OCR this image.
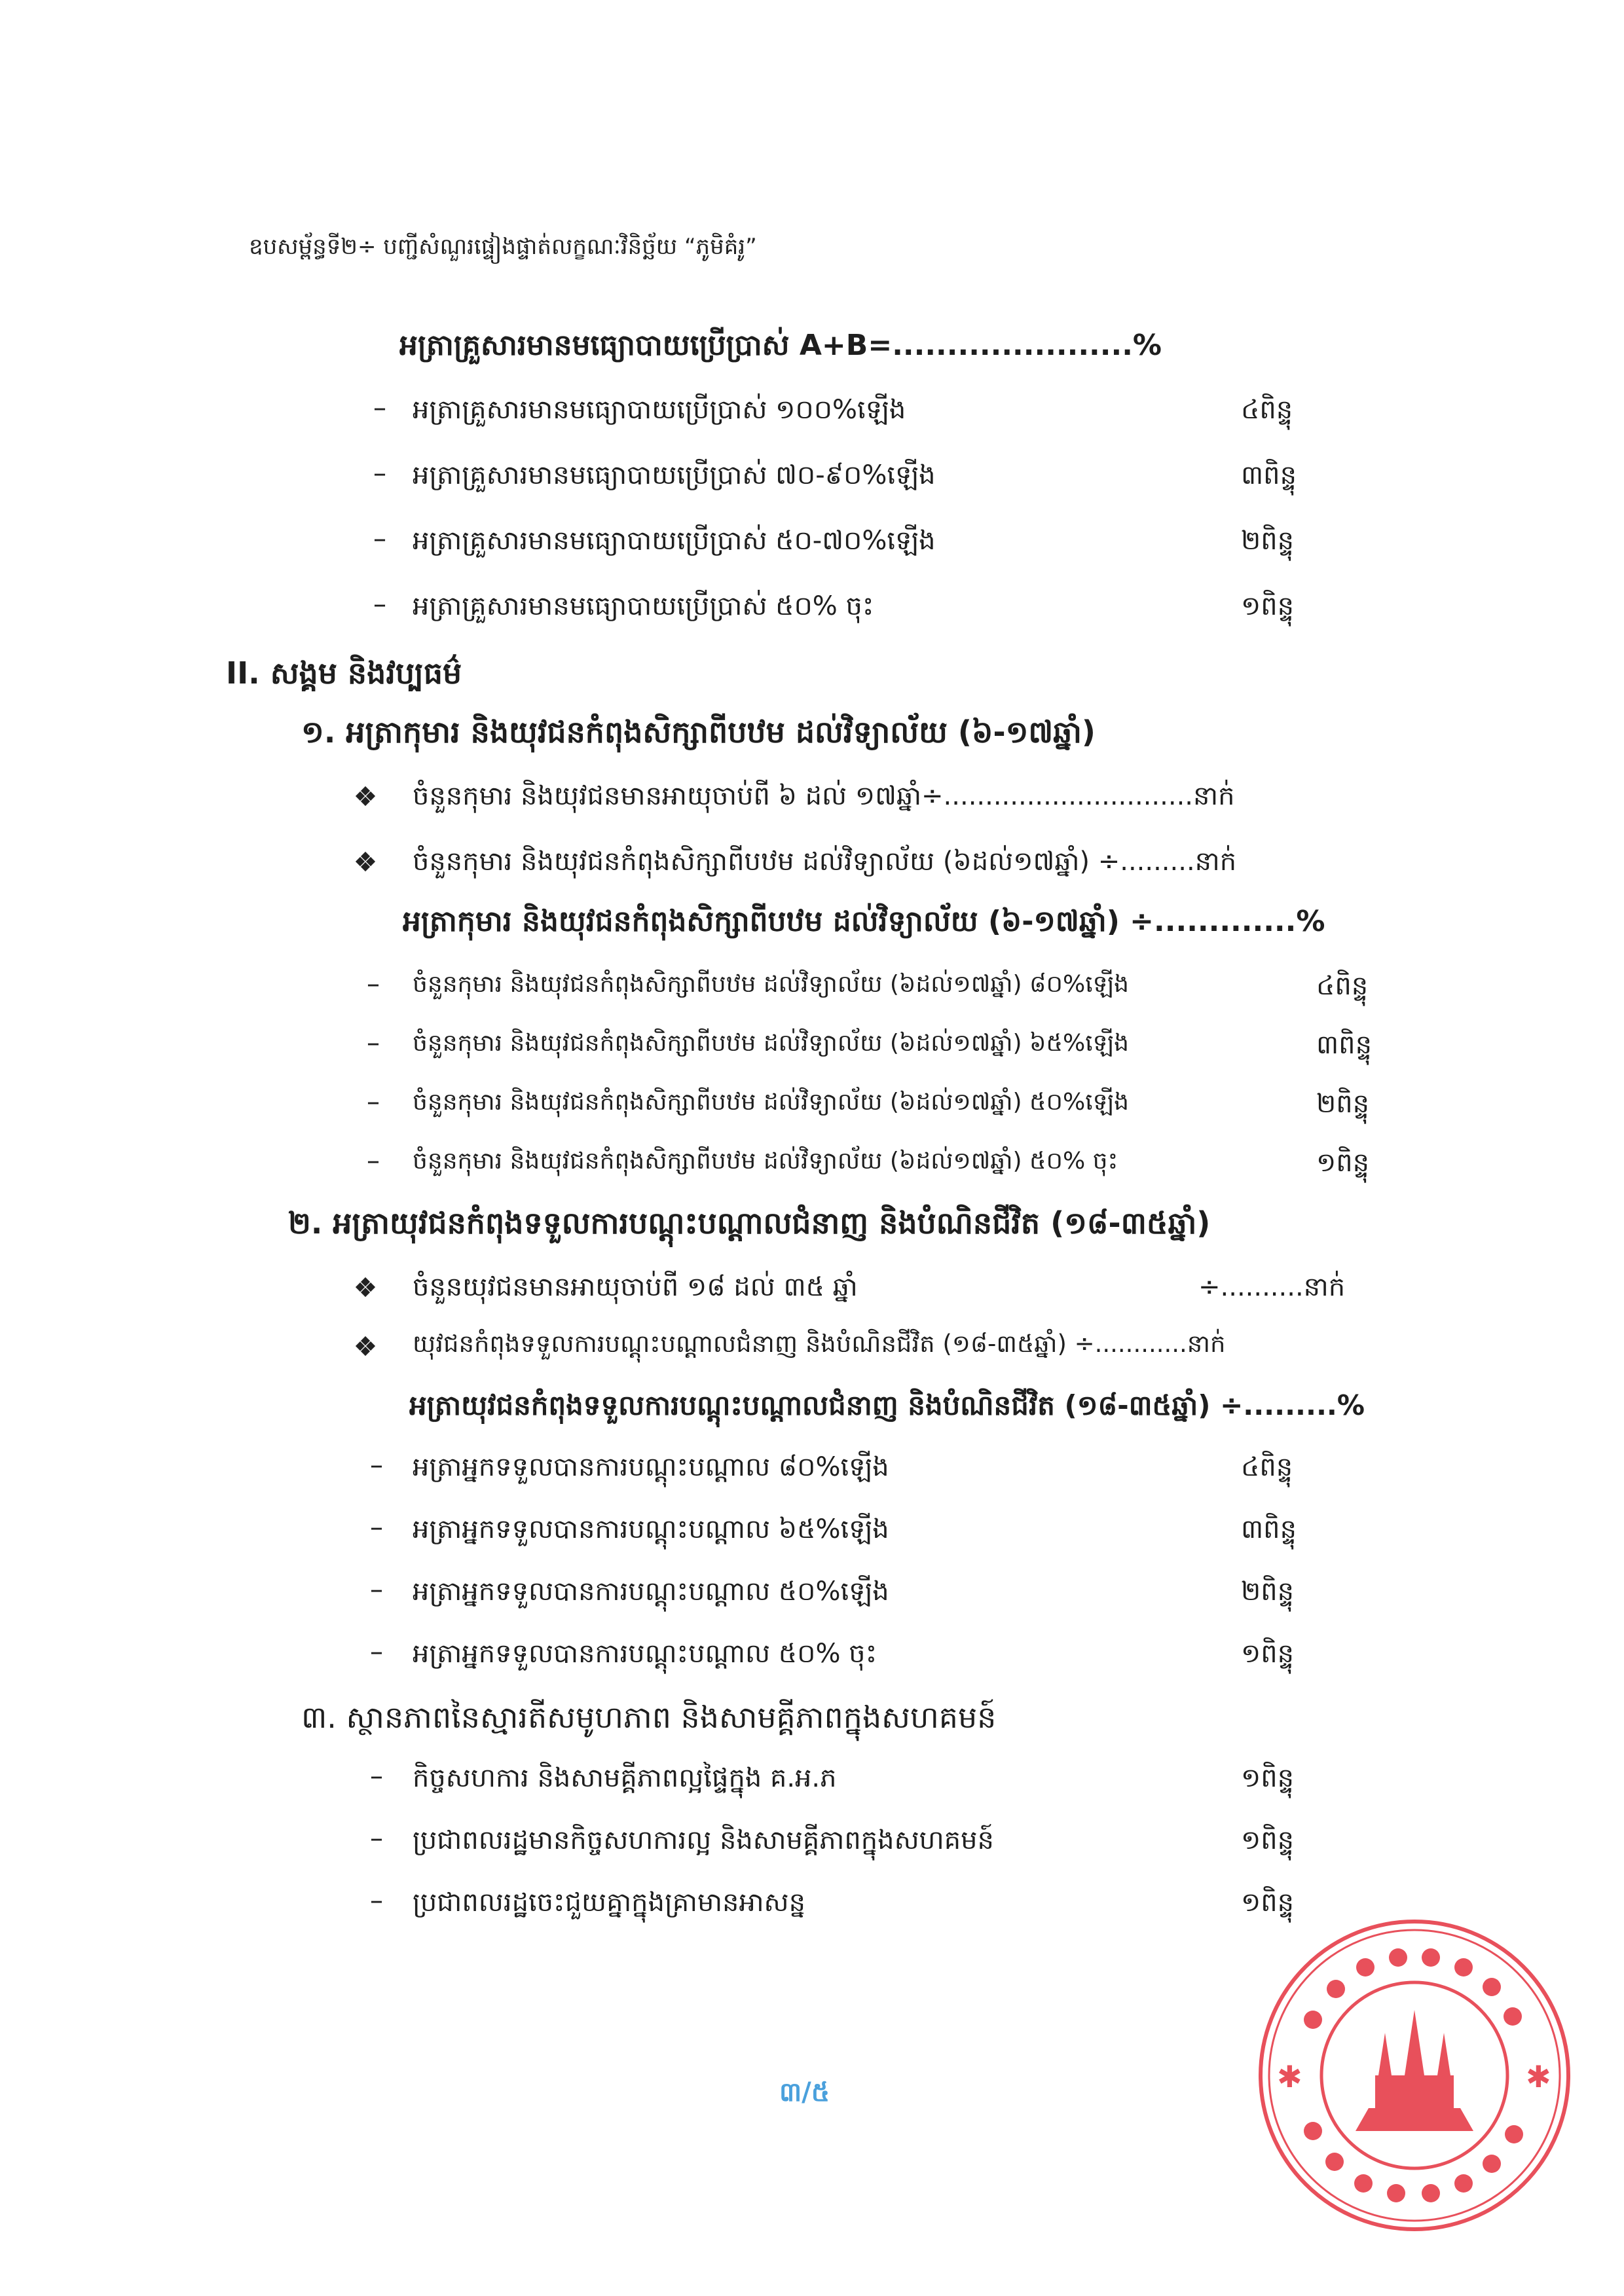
ឧបសម្ព័ន្ធទី២÷ បញ្ជីសំណួរផ្ទៀងផ្ទាត់លក្ខណៈវិនិច្ឆ័យ “ភូមិគំរូ”
អត្រាគ្រួសារមានមធ្យោបាយប្រើប្រាស់ A+B=......................%
– អត្រាគ្រួសារមានមធ្យោបាយប្រើប្រាស់ ១០០%ឡើង	៤ពិន្ទុ
– អត្រាគ្រួសារមានមធ្យោបាយប្រើប្រាស់ ៧០-៩០%ឡើង	៣ពិន្ទុ
– អត្រាគ្រួសារមានមធ្យោបាយប្រើប្រាស់ ៥០-៧០%ឡើង	២ពិន្ទុ
– អត្រាគ្រួសារមានមធ្យោបាយប្រើប្រាស់ ៥០% ចុះ	១ពិន្ទុ
II. សង្គម និងវប្បធម៌
១. អត្រាកុមារ និងយុវជនកំពុងសិក្សាពីបឋម ដល់វិទ្យាល័យ (៦-១៧ឆ្នាំ)
ចំនួនកុមារ និងយុវជនមានអាយុចាប់ពី ៦ ដល់ ១៧ឆ្នាំ÷..............................នាក់
ចំនួនកុមារ និងយុវជនកំពុងសិក្សាពីបឋម ដល់វិទ្យាល័យ (៦ដល់១៧ឆ្នាំ) ÷.........នាក់
អត្រាកុមារ និងយុវជនកំពុងសិក្សាពីបឋម ដល់វិទ្យាល័យ (៦-១៧ឆ្នាំ) ÷.............%
– ចំនួនកុមារ និងយុវជនកំពុងសិក្សាពីបឋម ដល់វិទ្យាល័យ (៦ដល់១៧ឆ្នាំ) ៨០%ឡើង	៤ពិន្ទុ
– ចំនួនកុមារ និងយុវជនកំពុងសិក្សាពីបឋម ដល់វិទ្យាល័យ (៦ដល់១៧ឆ្នាំ) ៦៥%ឡើង	៣ពិន្ទុ
– ចំនួនកុមារ និងយុវជនកំពុងសិក្សាពីបឋម ដល់វិទ្យាល័យ (៦ដល់១៧ឆ្នាំ) ៥០%ឡើង	២ពិន្ទុ
– ចំនួនកុមារ និងយុវជនកំពុងសិក្សាពីបឋម ដល់វិទ្យាល័យ (៦ដល់១៧ឆ្នាំ) ៥០% ចុះ	១ពិន្ទុ
២. អត្រាយុវជនកំពុងទទួលការបណ្តុះបណ្តាលជំនាញ និងបំណិនជីវិត (១៨-៣៥ឆ្នាំ)
ចំនួនយុវជនមានអាយុចាប់ពី ១៨ ដល់ ៣៥ ឆ្នាំ	÷..........នាក់
យុវជនកំពុងទទួលការបណ្តុះបណ្តាលជំនាញ និងបំណិនជីវិត (១៨-៣៥ឆ្នាំ) ÷............នាក់
អត្រាយុវជនកំពុងទទួលការបណ្តុះបណ្តាលជំនាញ និងបំណិនជីវិត (១៨-៣៥ឆ្នាំ) ÷.........%
– អត្រាអ្នកទទួលបានការបណ្តុះបណ្តាល ៨០%ឡើង	៤ពិន្ទុ
– អត្រាអ្នកទទួលបានការបណ្តុះបណ្តាល ៦៥%ឡើង	៣ពិន្ទុ
– អត្រាអ្នកទទួលបានការបណ្តុះបណ្តាល ៥០%ឡើង	២ពិន្ទុ
– អត្រាអ្នកទទួលបានការបណ្តុះបណ្តាល ៥០% ចុះ	១ពិន្ទុ
៣. ស្ថានភាពនៃស្មារតីសមូហភាព និងសាមគ្គីភាពក្នុងសហគមន៍
– កិច្ចសហការ និងសាមគ្គីភាពល្អផ្ទៃក្នុង គ.អ.ភ	១ពិន្ទុ
– ប្រជាពលរដ្ឋមានកិច្ចសហការល្អ និងសាមគ្គីភាពក្នុងសហគមន៍	១ពិន្ទុ
– ប្រជាពលរដ្ឋចេះជួយគ្នាក្នុងគ្រាមានអាសន្ន	១ពិន្ទុ
៣/៥	✱	✱
